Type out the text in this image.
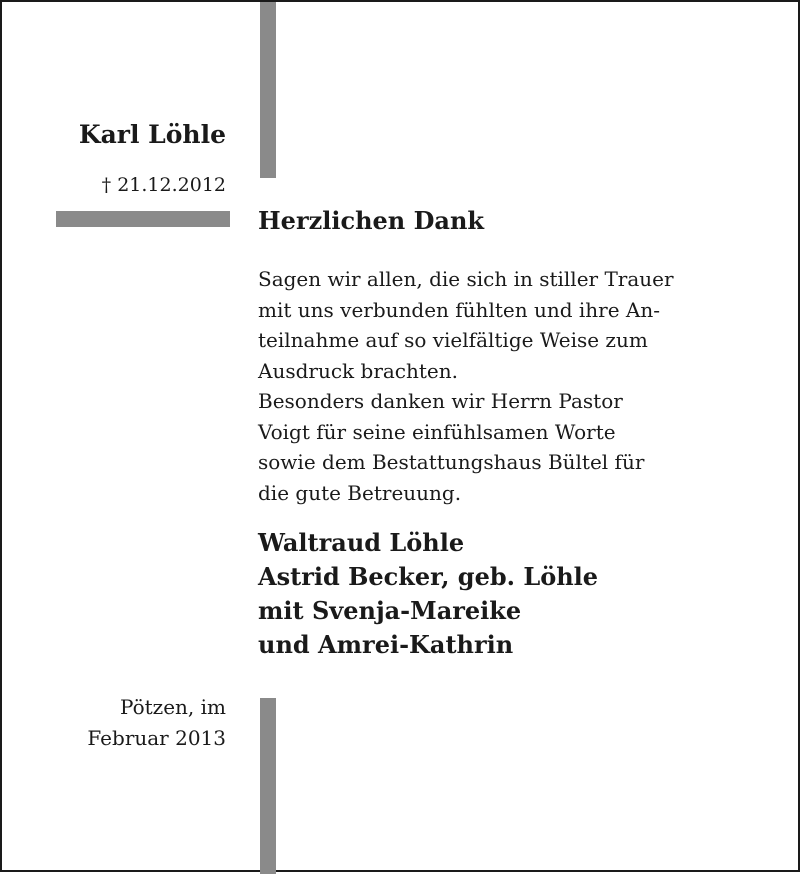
Karl Löhle
† 21.12.2012
Herzlichen Dank
Sagen wir allen, die sich in stiller Trauer
mit uns verbunden fühlten und ihre An-
teilnahme auf so vielfältige Weise zum
Ausdruck brachten.
Besonders danken wir Herrn Pastor
Voigt für seine einfühlsamen Worte
sowie dem Bestattungshaus Bültel für
die gute Betreuung.
Waltraud Löhle
Astrid Becker, geb. Löhle
mit Svenja-Mareike
und Amrei-Kathrin
Pötzen, im
Februar 2013
